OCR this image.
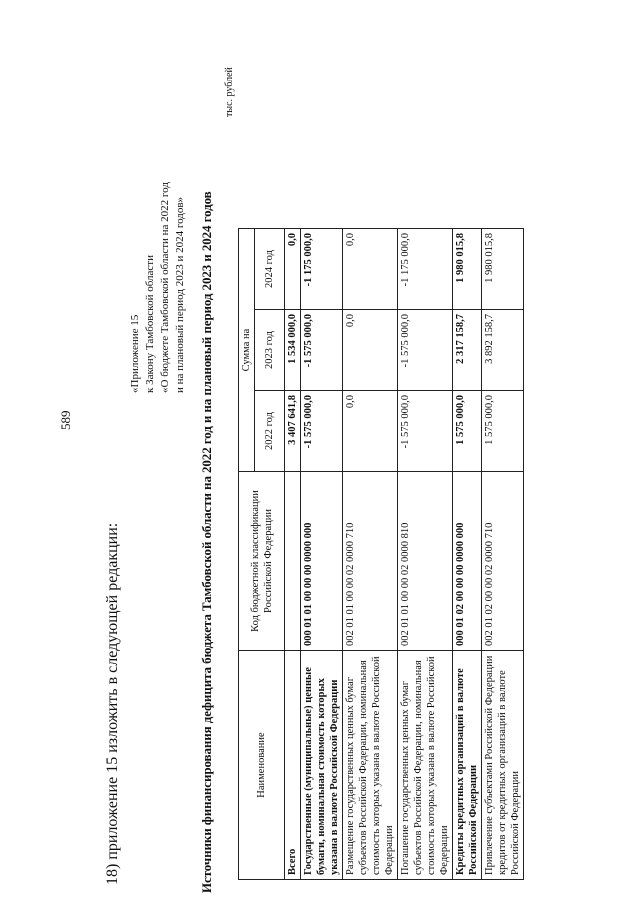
589
18) приложение 15 изложить в следующей редакции:
«Приложение 15 к Закону Тамбовской области «О бюджете Тамбовской области на 2022 год и на плановый период 2023 и 2024 годов» Источники финансирования дефицита бюджета Тамбовской области на 2022 год и на плановый период 2023 и 2024 годов
тыс. рублей
Наименование	Код бюджетной классификации Российской Федерации	Сумма на		
		2022 год	2023 год	2024 год
Всего		3 407 641,8	1 534 000,0	0,0
Государственные (муниципальные) ценные бумаги, номинальная стоимость которых указана в валюте Российской Федерации	000 01 01 00 00 00 0000 000	-1 575 000,0	-1 575 000,0	-1 175 000,0
Размещение государственных ценных бумаг субъектов Российской Федерации, номинальная стоимость которых указана в валюте Российской Федерации	002 01 01 00 00 02 0000 710	0,0	0,0	0,0
Погашение государственных ценных бумаг субъектов Российской Федерации, номинальная стоимость которых указана в валюте Российской Федерации	002 01 01 00 00 02 0000 810	-1 575 000,0	-1 575 000,0	-1 175 000,0
Кредиты кредитных организаций в валюте Российской Федерации	000 01 02 00 00 00 0000 000	1 575 000,0	2 317 158,7	1 980 015,8
Привлечение субъектами Российской Федерации кредитов от кредитных организаций в валюте Российской Федерации	002 01 02 00 00 02 0000 710	1 575 000,0	3 892 158,7	1 980 015,8
